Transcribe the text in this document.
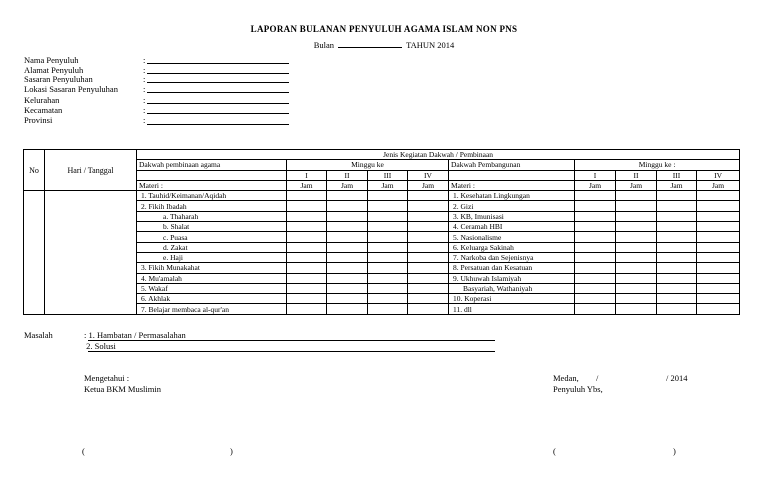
LAPORAN BULANAN PENYULUH AGAMA ISLAM NON PNS
Bulan	TAHUN 2014
Nama Penyuluh	:
Alamat Penyuluh	:
Sasaran Penyuluhan	:
Lokasi Sasaran Penyuluhan	:
Kelurahan	:
Kecamatan	:
Provinsi	:
No	Hari / Tanggal	Jenis Kegiatan Dakwah / Pembinaan									
		Dakwah pembinaan agama	Minggu ke				Dakwah Pembangunan	Minggu ke :			
			I	II	III	IV		I	II	III	IV
		Materi :	Jam	Jam	Jam	Jam	Materi :	Jam	Jam	Jam	Jam
		1. Tauhid/Keimanan/Aqidah					1. Kesehatan Lingkungan				
		2. Fikih Ibadah					2. Gizi				
		a. Thaharah					3. KB, Imunisasi				
		b. Shalat					4. Ceramah HBI				
		c. Puasa					5. Nasionalisme				
		d. Zakat					6. Keluarga Sakinah				
		e. Haji					7. Narkoba dan Sejenisnya				
		3. Fikih Munakahat					8. Persatuan dan Kesatuan				
		4. Mu'amalah					9. Ukhuwah Islamiyah				
		5. Wakaf					Basyariah, Wathaniyah				
		6. Akhlak					10. Koperasi				
		7. Belajar membaca al-qur'an					11. dll				
Masalah	: 1. Hambatan / Permasalahan
2. Solusi
Mengetahui :
Ketua BKM Muslimin
Medan, /	/ 2014
Penyuluh Ybs,
(	)	(	)
